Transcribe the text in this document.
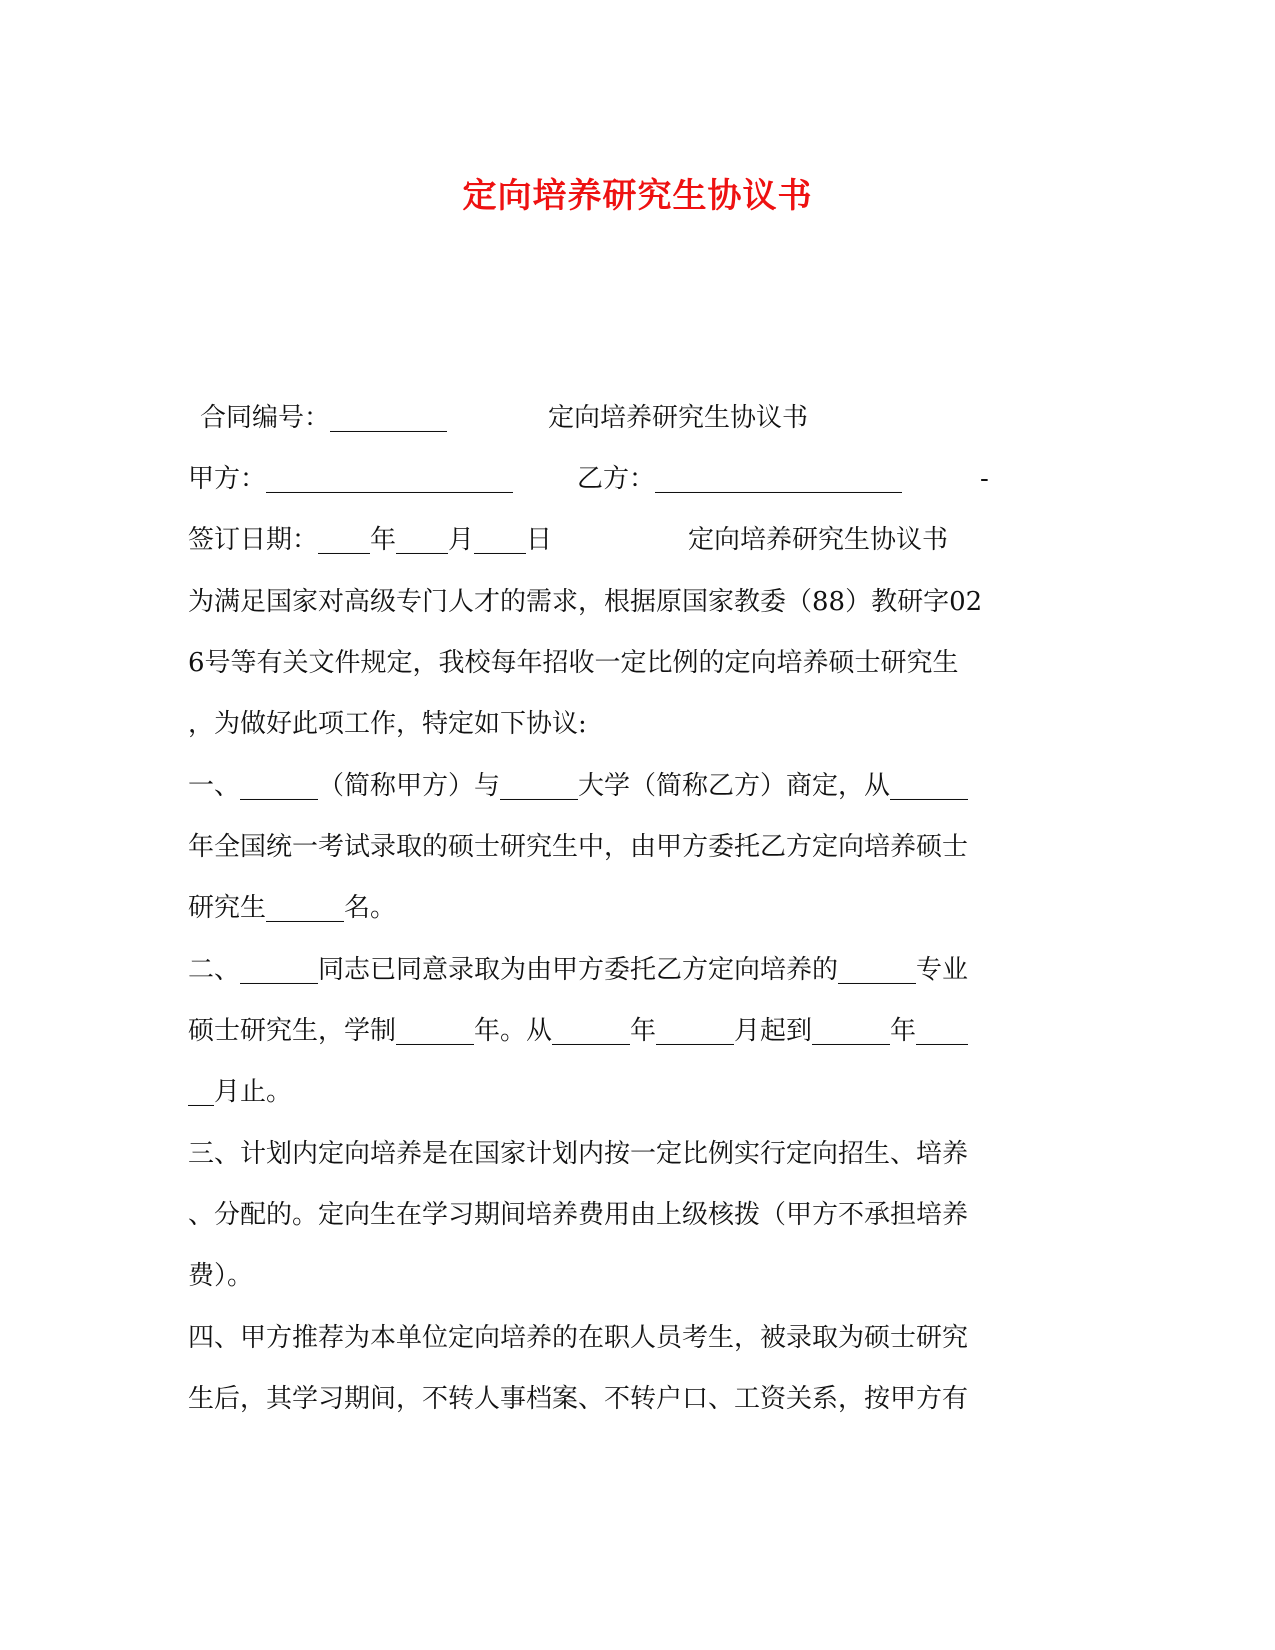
定向培养研究生协议书
合同编号：_________	定向培养研究生协议书
甲方：___________________ 乙方：___________________	-
签订日期：____年____月____日	定向培养研究生协议书
为满足国家对高级专门人才的需求，根据原国家教委（88）教研字02
6号等有关文件规定，我校每年招收一定比例的定向培养硕士研究生
，为做好此项工作，特定如下协议:
一、______（简称甲方）与______大学（简称乙方）商定，从______
年全国统一考试录取的硕士研究生中，由甲方委托乙方定向培养硕士
研究生______名。
二、______同志已同意录取为由甲方委托乙方定向培养的______专业
硕士研究生，学制______年。从______年______月起到______年____
__月止。
三、计划内定向培养是在国家计划内按一定比例实行定向招生、培养
、分配的。定向生在学习期间培养费用由上级核拨（甲方不承担培养
费）。
四、甲方推荐为本单位定向培养的在职人员考生，被录取为硕士研究
生后，其学习期间，不转人事档案、不转户口、工资关系，按甲方有
